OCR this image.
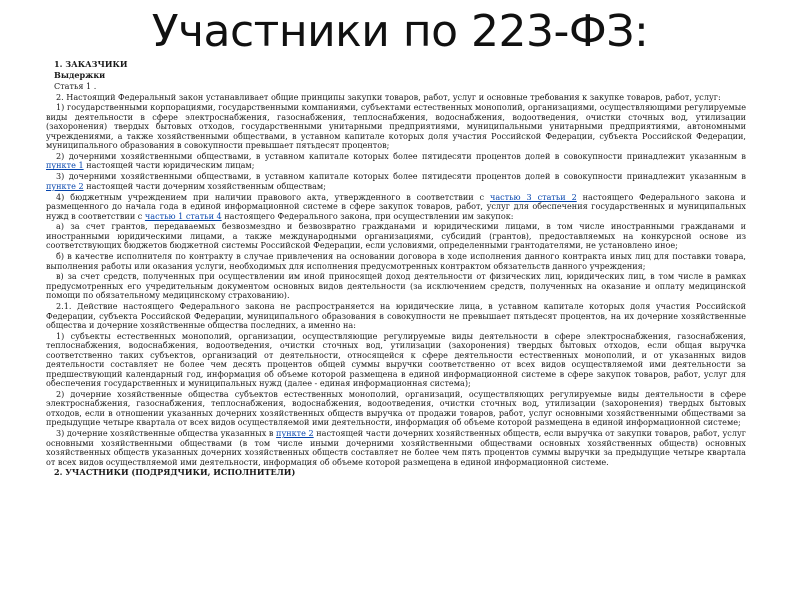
Участники по 223-ФЗ:

1. ЗАКАЗЧИКИ

Выдержки

Статья 1 .

2. Настоящий Федеральный закон устанавливает общие принципы закупки товаров, работ, услуг и основные требования к закупке товаров, работ, услуг:

1) государственными корпорациями, государственными компаниями, субъектами естественных монополий, организациями, осуществляющими регулируемые виды деятельности в сфере электроснабжения, газоснабжения, теплоснабжения, водоснабжения, водоотведения, очистки сточных вод, утилизации (захоронения) твердых бытовых отходов, государственными унитарными предприятиями, муниципальными унитарными предприятиями, автономными учреждениями, а также хозяйственными обществами, в уставном капитале которых доля участия Российской Федерации, субъекта Российской Федерации, муниципального образования в совокупности превышает пятьдесят процентов;

2) дочерними хозяйственными обществами, в уставном капитале которых более пятидесяти процентов долей в совокупности принадлежит указанным в пункте 1 настоящей части юридическим лицам;

3) дочерними хозяйственными обществами, в уставном капитале которых более пятидесяти процентов долей в совокупности принадлежит указанным в пункте 2 настоящей части дочерним хозяйственным обществам;

4) бюджетным учреждением при наличии правового акта, утвержденного в соответствии с частью 3 статьи 2 настоящего Федерального закона и размещенного до начала года в единой информационной системе в сфере закупок товаров, работ, услуг для обеспечения государственных и муниципальных нужд в соответствии с частью 1 статьи 4 настоящего Федерального закона, при осуществлении им закупок:

а) за счет грантов, передаваемых безвозмездно и безвозвратно гражданами и юридическими лицами, в том числе иностранными гражданами и иностранными юридическими лицами, а также международными организациями, субсидий (грантов), предоставляемых на конкурсной основе из соответствующих бюджетов бюджетной системы Российской Федерации, если условиями, определенными грантодателями, не установлено иное;

б) в качестве исполнителя по контракту в случае привлечения на основании договора в ходе исполнения данного контракта иных лиц для поставки товара, выполнения работы или оказания услуги, необходимых для исполнения предусмотренных контрактом обязательств данного учреждения;

в) за счет средств, полученных при осуществлении им иной приносящей доход деятельности от физических лиц, юридических лиц, в том числе в рамках предусмотренных его учредительным документом основных видов деятельности (за исключением средств, полученных на оказание и оплату медицинской помощи по обязательному медицинскому страхованию).

2.1. Действие настоящего Федерального закона не распространяется на юридические лица, в уставном капитале которых доля участия Российской Федерации, субъекта Российской Федерации, муниципального образования в совокупности не превышает пятьдесят процентов, на их дочерние хозяйственные общества и дочерние хозяйственные общества последних, а именно на:

1) субъекты естественных монополий, организации, осуществляющие регулируемые виды деятельности в сфере электроснабжения, газоснабжения, теплоснабжения, водоснабжения, водоотведения, очистки сточных вод, утилизации (захоронения) твердых бытовых отходов, если общая выручка соответственно таких субъектов, организаций от деятельности, относящейся к сфере деятельности естественных монополий, и от указанных видов деятельности составляет не более чем десять процентов общей суммы выручки соответственно от всех видов осуществляемой ими деятельности за предшествующий календарный год, информация об объеме которой размещена в единой информационной системе в сфере закупок товаров, работ, услуг для обеспечения государственных и муниципальных нужд (далее - единая информационная система);

2) дочерние хозяйственные общества субъектов естественных монополий, организаций, осуществляющих регулируемые виды деятельности в сфере электроснабжения, газоснабжения, теплоснабжения, водоснабжения, водоотведения, очистки сточных вод, утилизации (захоронения) твердых бытовых отходов, если в отношении указанных дочерних хозяйственных обществ выручка от продажи товаров, работ, услуг основными хозяйственными обществами за предыдущие четыре квартала от всех видов осуществляемой ими деятельности, информация об объеме которой размещена в единой информационной системе;

3) дочерние хозяйственные общества указанных в пункте 2 настоящей части дочерних хозяйственных обществ, если выручка от закупки товаров, работ, услуг основными хозяйственными обществами (в том числе иными дочерними хозяйственными обществами основных хозяйственных обществ) основных хозяйственных обществ указанных дочерних хозяйственных обществ составляет не более чем пять процентов суммы выручки за предыдущие четыре квартала от всех видов осуществляемой ими деятельности, информация об объеме которой размещена в единой информационной системе.

2. УЧАСТНИКИ (ПОДРЯДЧИКИ, ИСПОЛНИТЕЛИ)
